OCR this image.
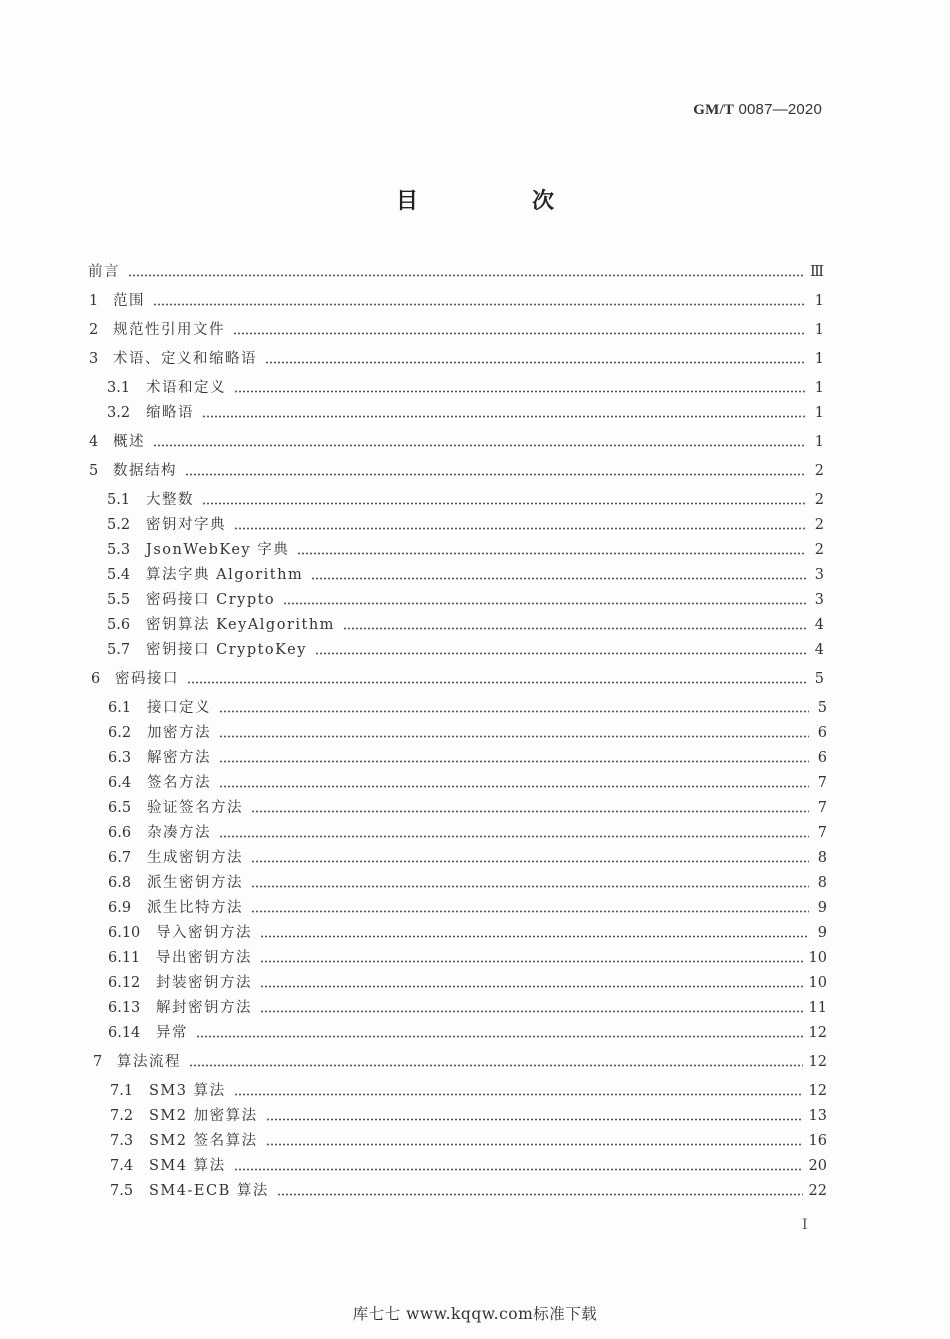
GM/T 0087—2020
目　次
前言	Ⅲ
1	范围	1
2	规范性引用文件	1
3	术语、定义和缩略语	1
3.1	术语和定义	1
3.2	缩略语	1
4	概述	1
5	数据结构	2
5.1	大整数	2
5.2	密钥对字典	2
5.3	JsonWebKey 字典	2
5.4	算法字典 Algorithm	3
5.5	密码接口 Crypto	3
5.6	密钥算法 KeyAlgorithm	4
5.7	密钥接口 CryptoKey	4
6	密码接口	5
6.1	接口定义	5
6.2	加密方法	6
6.3	解密方法	6
6.4	签名方法	7
6.5	验证签名方法	7
6.6	杂凑方法	7
6.7	生成密钥方法	8
6.8	派生密钥方法	8
6.9	派生比特方法	9
6.10	导入密钥方法	9
6.11	导出密钥方法	10
6.12	封装密钥方法	10
6.13	解封密钥方法	11
6.14	异常	12
7	算法流程	12
7.1	SM3 算法	12
7.2	SM2 加密算法	13
7.3	SM2 签名算法	16
7.4	SM4 算法	20
7.5	SM4-ECB 算法	22
I
库七七 www.kqqw.com标准下载
